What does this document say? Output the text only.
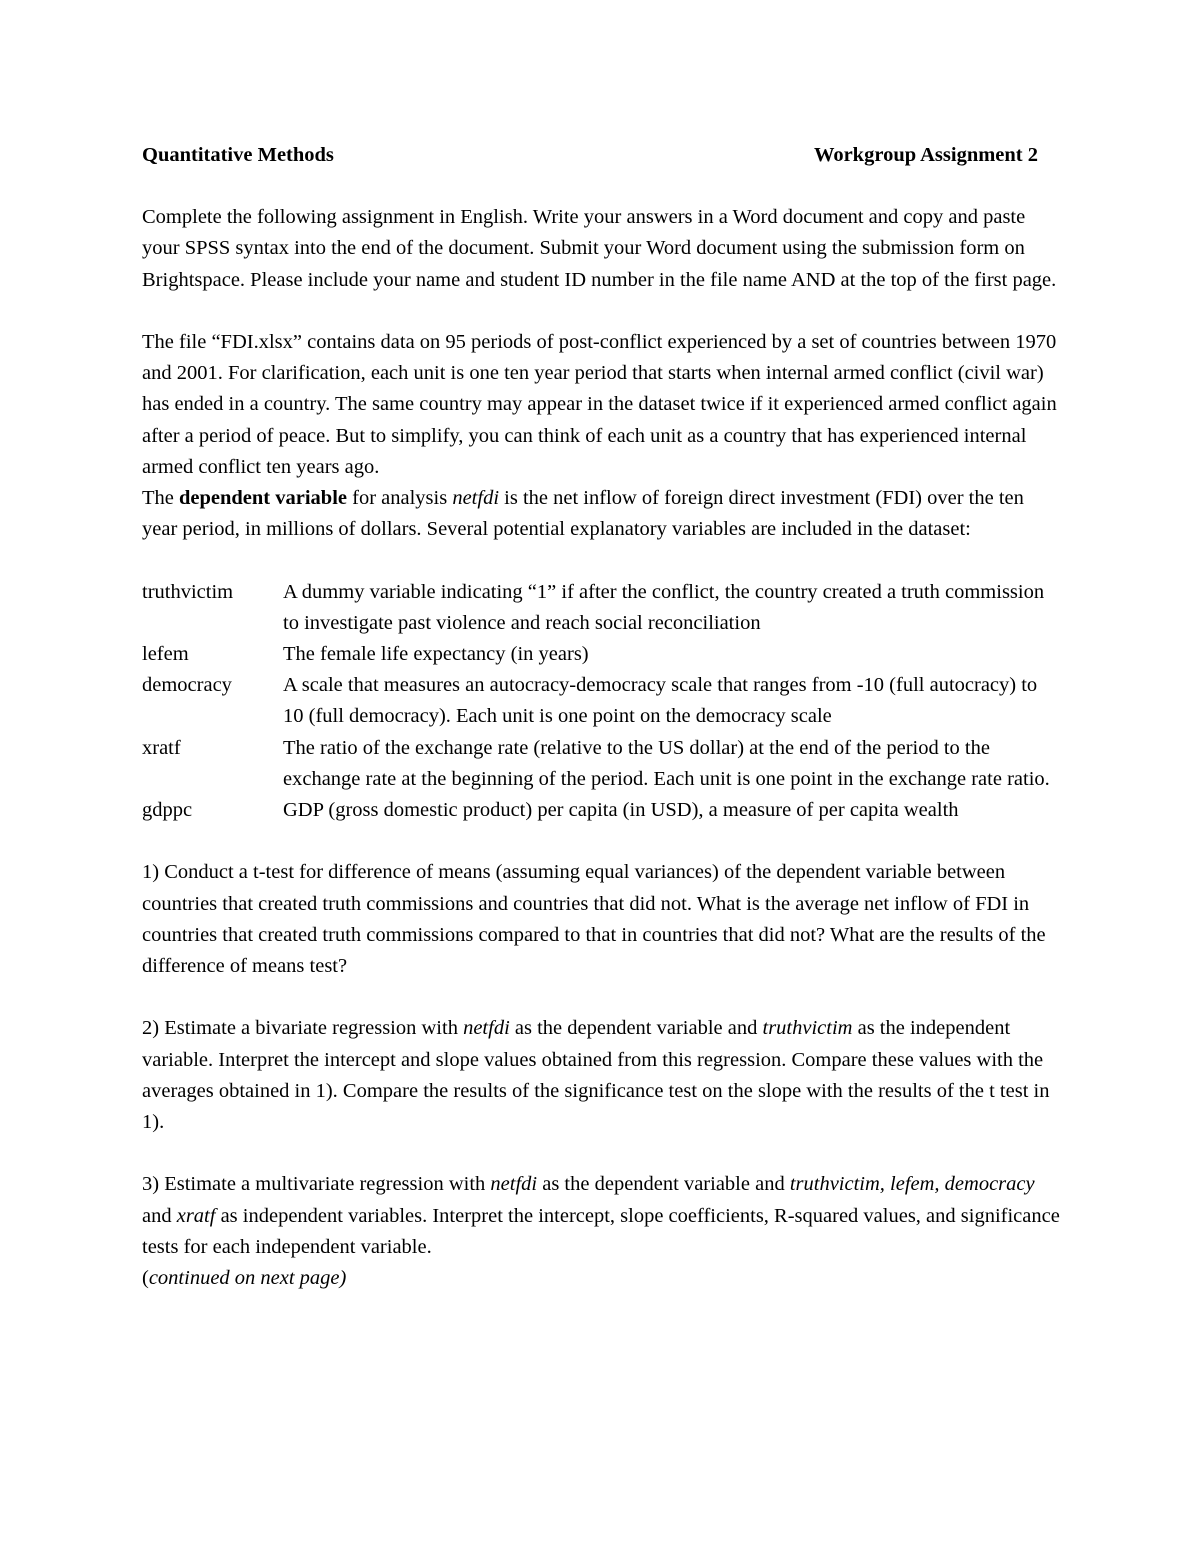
Quantitative Methods	Workgroup Assignment 2

Complete the following assignment in English. Write your answers in a Word document and copy and paste your SPSS syntax into the end of the document. Submit your Word document using the submission form on Brightspace. Please include your name and student ID number in the file name AND at the top of the first page.

The file “FDI.xlsx” contains data on 95 periods of post-conflict experienced by a set of countries between 1970 and 2001. For clarification, each unit is one ten year period that starts when internal armed conflict (civil war) has ended in a country. The same country may appear in the dataset twice if it experienced armed conflict again after a period of peace. But to simplify, you can think of each unit as a country that has experienced internal armed conflict ten years ago.
The dependent variable for analysis netfdi is the net inflow of foreign direct investment (FDI) over the ten year period, in millions of dollars. Several potential explanatory variables are included in the dataset:
truthvictim	A dummy variable indicating “1” if after the conflict, the country created a truth commission to investigate past violence and reach social reconciliation
lefem	The female life expectancy (in years)
democracy	A scale that measures an autocracy-democracy scale that ranges from -10 (full autocracy) to 10 (full democracy). Each unit is one point on the democracy scale
xratf	The ratio of the exchange rate (relative to the US dollar) at the end of the period to the exchange rate at the beginning of the period. Each unit is one point in the exchange rate ratio.
gdppc	GDP (gross domestic product) per capita (in USD), a measure of per capita wealth

1) Conduct a t-test for difference of means (assuming equal variances) of the dependent variable between countries that created truth commissions and countries that did not. What is the average net inflow of FDI in countries that created truth commissions compared to that in countries that did not? What are the results of the difference of means test?

2) Estimate a bivariate regression with netfdi as the dependent variable and truthvictim as the independent variable. Interpret the intercept and slope values obtained from this regression. Compare these values with the averages obtained in 1). Compare the results of the significance test on the slope with the results of the t test in 1).

3) Estimate a multivariate regression with netfdi as the dependent variable and truthvictim, lefem, democracy and xratf as independent variables. Interpret the intercept, slope coefficients, R-squared values, and significance tests for each independent variable.

(continued on next page)
